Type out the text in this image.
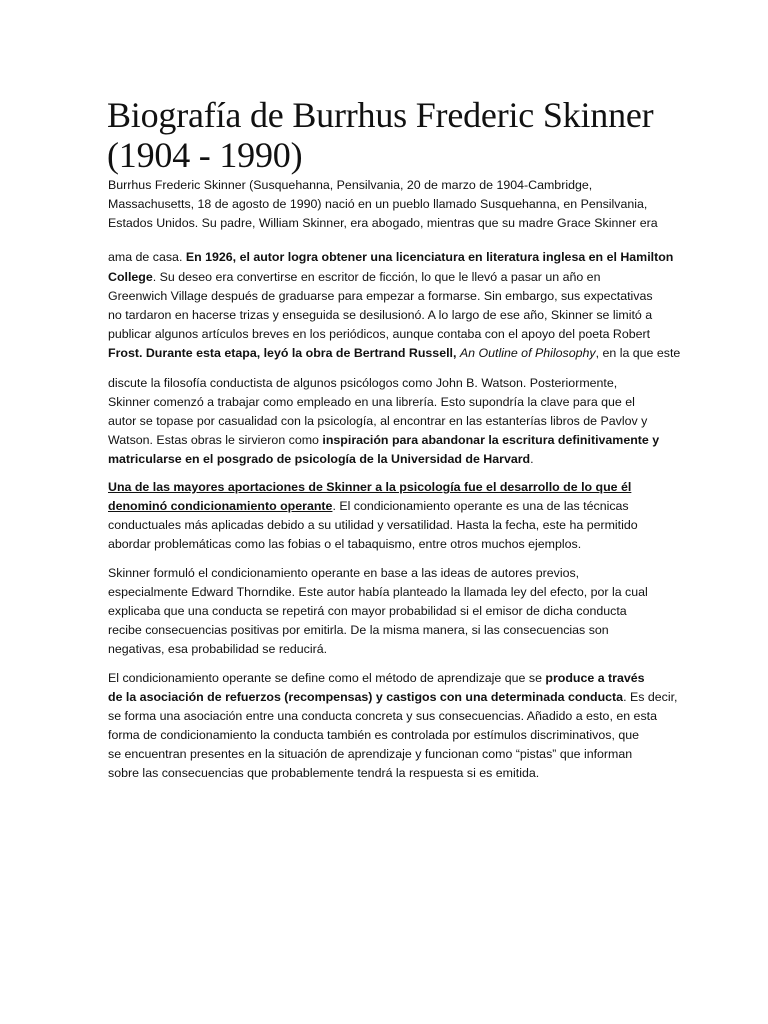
Biografía de Burrhus Frederic Skinner
(1904 - 1990)
Burrhus Frederic Skinner (Susquehanna, Pensilvania, 20 de marzo de 1904-Cambridge,
Massachusetts, 18 de agosto de 1990) nació en un pueblo llamado Susquehanna, en Pensilvania,
Estados Unidos. Su padre, William Skinner, era abogado, mientras que su madre Grace Skinner era
ama de casa. En 1926, el autor logra obtener una licenciatura en literatura inglesa en el Hamilton
College. Su deseo era convertirse en escritor de ficción, lo que le llevó a pasar un año en
Greenwich Village después de graduarse para empezar a formarse. Sin embargo, sus expectativas
no tardaron en hacerse trizas y enseguida se desilusionó. A lo largo de ese año, Skinner se limitó a
publicar algunos artículos breves en los periódicos, aunque contaba con el apoyo del poeta Robert
Frost. Durante esta etapa, leyó la obra de Bertrand Russell, An Outline of Philosophy, en la que este
discute la filosofía conductista de algunos psicólogos como John B. Watson. Posteriormente,
Skinner comenzó a trabajar como empleado en una librería. Esto supondría la clave para que el
autor se topase por casualidad con la psicología, al encontrar en las estanterías libros de Pavlov y
Watson. Estas obras le sirvieron como inspiración para abandonar la escritura definitivamente y
matricularse en el posgrado de psicología de la Universidad de Harvard.
Una de las mayores aportaciones de Skinner a la psicología fue el desarrollo de lo que él
denominó condicionamiento operante. El condicionamiento operante es una de las técnicas
conductuales más aplicadas debido a su utilidad y versatilidad. Hasta la fecha, este ha permitido
abordar problemáticas como las fobias o el tabaquismo, entre otros muchos ejemplos.
Skinner formuló el condicionamiento operante en base a las ideas de autores previos,
especialmente Edward Thorndike. Este autor había planteado la llamada ley del efecto, por la cual
explicaba que una conducta se repetirá con mayor probabilidad si el emisor de dicha conducta
recibe consecuencias positivas por emitirla. De la misma manera, si las consecuencias son
negativas, esa probabilidad se reducirá.
El condicionamiento operante se define como el método de aprendizaje que se produce a través
de la asociación de refuerzos (recompensas) y castigos con una determinada conducta. Es decir,
se forma una asociación entre una conducta concreta y sus consecuencias. Añadido a esto, en esta
forma de condicionamiento la conducta también es controlada por estímulos discriminativos, que
se encuentran presentes en la situación de aprendizaje y funcionan como “pistas” que informan
sobre las consecuencias que probablemente tendrá la respuesta si es emitida.
